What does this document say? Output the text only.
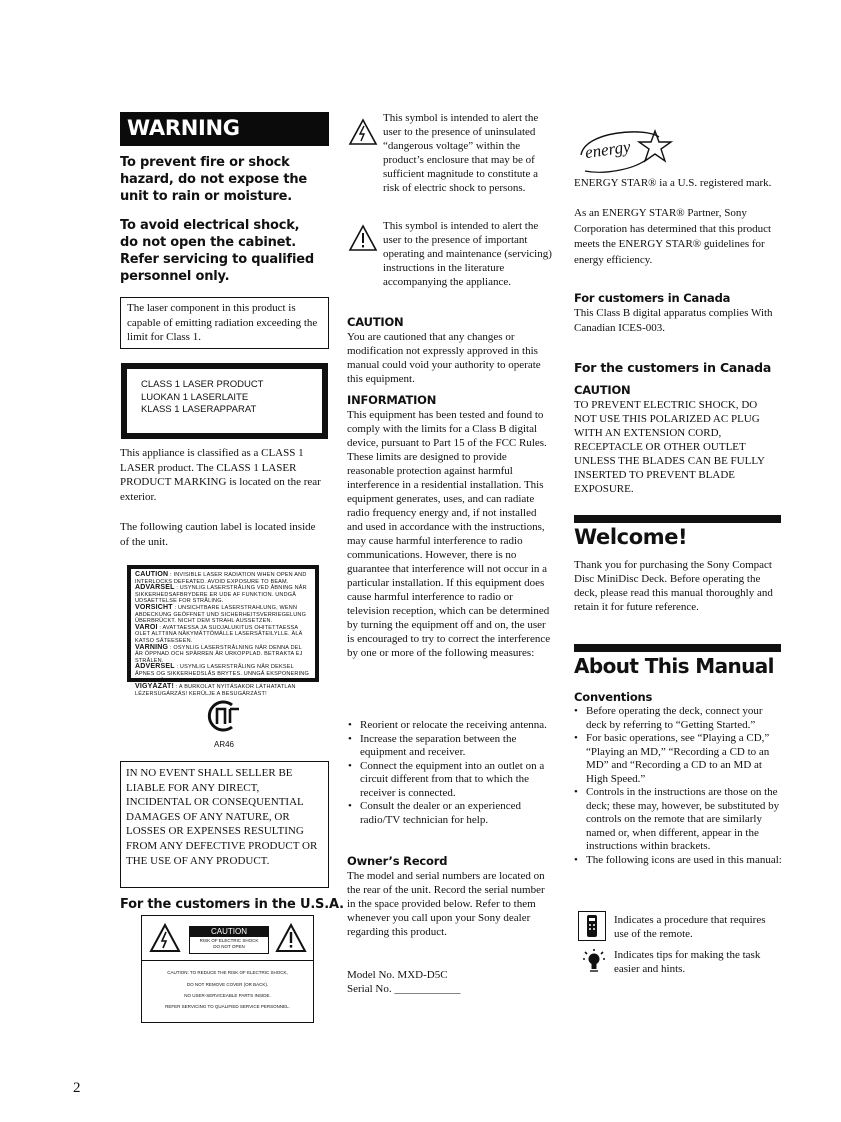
WARNING

To prevent fire or shock hazard, do not expose the unit to rain or moisture.

To avoid electrical shock, do not open the cabinet. Refer servicing to qualified personnel only.

The laser component in this product is capable of emitting radiation exceeding the limit for Class 1.

CLASS 1 LASER PRODUCT
LUOKAN 1 LASERLAITE
KLASS 1 LASERAPPARAT

This appliance is classified as a CLASS 1 LASER product. The CLASS 1 LASER PRODUCT MARKING is located on the rear exterior.

The following caution label is located inside of the unit.

CAUTION : INVISIBLE LASER RADIATION WHEN OPEN AND INTERLOCKS DEFEATED. AVOID EXPOSURE TO BEAM.
ADVARSEL : USYNLIG LASERSTRÅLING VED ÅBNING NÅR SIKKERHEDSAFBRYDERE ER UDE AF FUNKTION. UNDGÅ UDSAETTELSE FOR STRÅLING.
VORSICHT : UNSICHTBARE LASERSTRAHLUNG, WENN ABDECKUNG GEÖFFNET UND SICHERHEITSVERRIEGELUNG ÜBERBRÜCKT. NICHT DEM STRAHL AUSSETZEN.
VAROI : AVATTAESSA JA SUOJALUKITUS OHITETTAESSA OLET ALTTIINA NÄKYMÄTTÖMÄLLE LASERSÄTEILYLLE. ÄLÄ KATSO SÄTEESEEN.
VARNING : OSYNLIG LASERSTRÅLNING NÄR DENNA DEL ÄR ÖPPNAD OCH SPÄRREN ÄR URKOPPLAD. BETRAKTA EJ STRÅLEN.
ADVERSEL : USYNLIG LASERSTRÅLING NÅR DEKSEL ÅPNES OG SIKKERHEDSLÅS BRYTES. UNNGÅ EKSPONERING FOR STRÅLEN.
VIGYÁZAT! : A BURKOLAT NYITÁSAKOR LÁTHATATLAN LÉZERSUGÁRZÁS! KERÜLJE A BESUGÁRZÁST!
AR46

IN NO EVENT SHALL SELLER BE LIABLE FOR ANY DIRECT, INCIDENTAL OR CONSEQUENTIAL DAMAGES OF ANY NATURE, OR LOSSES OR EXPENSES RESULTING FROM ANY DEFECTIVE PRODUCT OR THE USE OF ANY PRODUCT.

For the customers in the U.S.A.

CAUTION
RISK OF ELECTRIC SHOCK
DO NOT OPEN
CAUTION: TO REDUCE THE RISK OF ELECTRIC SHOCK,
DO NOT REMOVE COVER (OR BACK).
NO USER-SERVICEABLE PARTS INSIDE.
REFER SERVICING TO QUALIFIED SERVICE PERSONNEL.

This symbol is intended to alert the user to the presence of uninsulated “dangerous voltage” within the product’s enclosure that may be of sufficient magnitude to constitute a risk of electric shock to persons.

This symbol is intended to alert the user to the presence of important operating and maintenance (servicing) instructions in the literature accompanying the appliance.

CAUTION

You are cautioned that any changes or modification not expressly approved in this manual could void your authority to operate this equipment.

INFORMATION

This equipment has been tested and found to comply with the limits for a Class B digital device, pursuant to Part 15 of the FCC Rules. These limits are designed to provide reasonable protection against harmful interference in a residential installation. This equipment generates, uses, and can radiate radio frequency energy and, if not installed and used in accordance with the instructions, may cause harmful interference to radio communications. However, there is no guarantee that interference will not occur in a particular installation. If this equipment does cause harmful interference to radio or television reception, which can be determined by turning the equipment off and on, the user is encouraged to try to correct the interference by one or more of the following measures:

• Reorient or relocate the receiving antenna.
• Increase the separation between the equipment and receiver.
• Connect the equipment into an outlet on a circuit different from that to which the receiver is connected.
• Consult the dealer or an experienced radio/TV technician for help.

Owner’s Record

The model and serial numbers are located on the rear of the unit. Record the serial number in the space provided below. Refer to them whenever you call upon your Sony dealer regarding this product.

Model No. MXD-D5C

Serial No. ____________

energy

ENERGY STAR® ia a U.S. registered mark.

As an ENERGY STAR® Partner, Sony Corporation has determined that this product meets the ENERGY STAR® guidelines for energy efficiency.

For customers in Canada

This Class B digital apparatus complies With Canadian ICES-003.

For the customers in Canada

CAUTION

TO PREVENT ELECTRIC SHOCK, DO NOT USE THIS POLARIZED AC PLUG WITH AN EXTENSION CORD, RECEPTACLE OR OTHER OUTLET UNLESS THE BLADES CAN BE FULLY INSERTED TO PREVENT BLADE EXPOSURE.

Welcome!

Thank you for purchasing the Sony Compact Disc MiniDisc Deck. Before operating the deck, please read this manual thoroughly and retain it for future reference.

About This Manual

Conventions

• Before operating the deck, connect your deck by referring to “Getting Started.”
• For basic operations, see “Playing a CD,” “Playing an MD,” “Recording a CD to an MD” and “Recording a CD to an MD at High Speed.”
• Controls in the instructions are those on the deck; these may, however, be substituted by controls on the remote that are similarly named or, when different, appear in the instructions within brackets.
• The following icons are used in this manual:

Indicates a procedure that requires use of the remote.

Indicates tips for making the task easier and hints.

2
